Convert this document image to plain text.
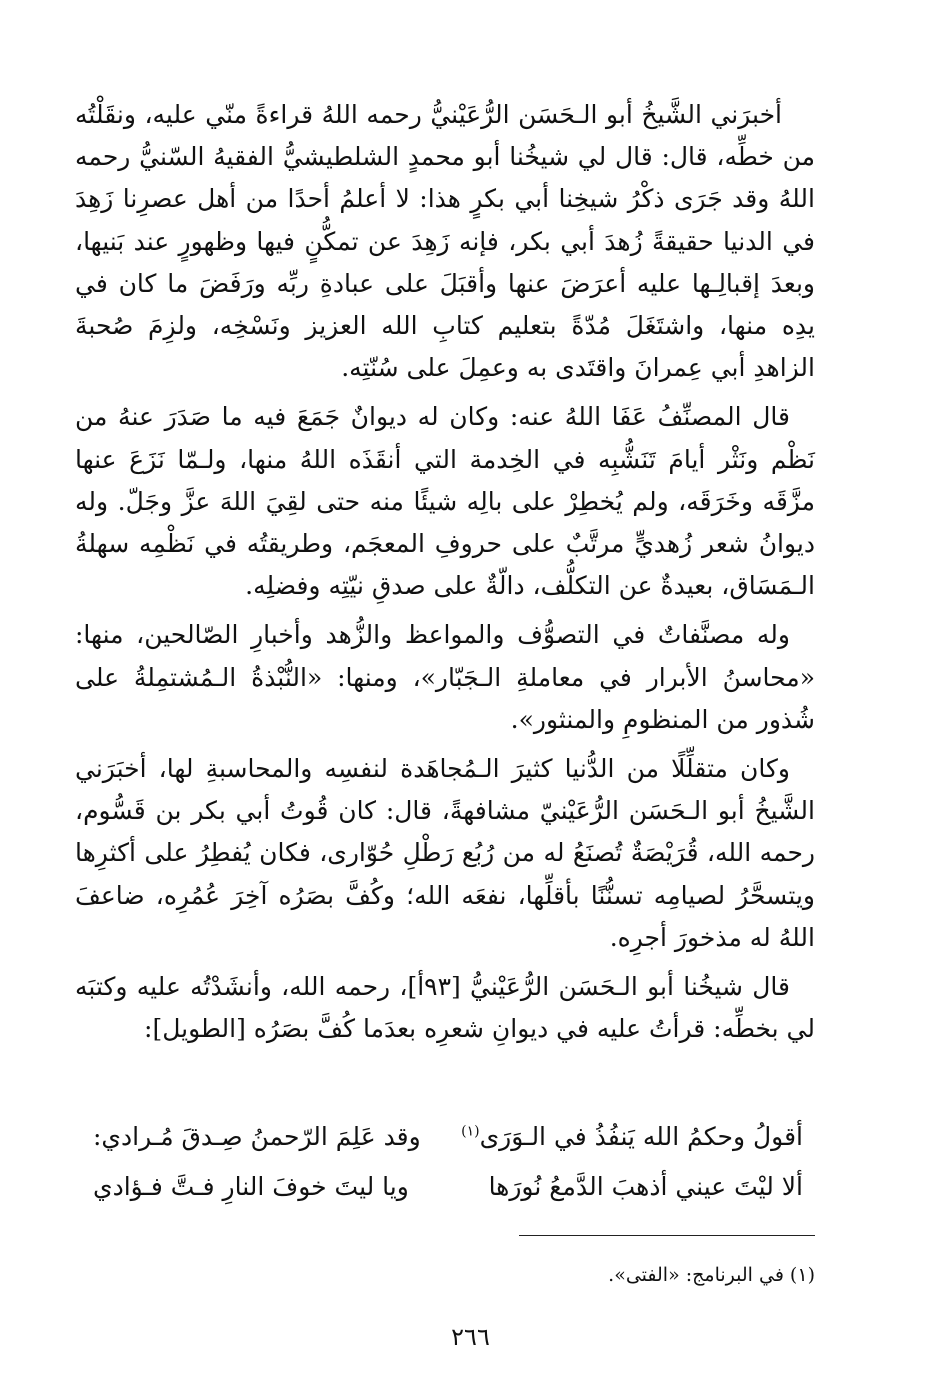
أخبرَني الشَّيخُ أبو الـحَسَن الرُّعَيْنيُّ رحمه اللهُ قراءةً منّي عليه، ونقَلْتُه من خطِّه، قال: قال لي شيخُنا أبو محمدٍ الشلطيشيُّ الفقيهُ السّنيُّ رحمه اللهُ وقد جَرَى ذكْرُ شيخِنا أبي بكرٍ هذا: لا أعلمُ أحدًا من أهل عصرِنا زَهِدَ في الدنيا حقيقةً زُهدَ أبي بكر، فإنه زَهِدَ عن تمكُّنٍ فيها وظهورٍ عند بَنيها، وبعدَ إقبالِـها عليه أعرَضَ عنها وأقبَلَ على عبادةِ ربِّه ورَفَضَ ما كان في يدِه منها، واشتَغَلَ مُدّةً بتعليم كتابِ الله العزيز ونَسْخِه، ولزِمَ صُحبةَ الزاهدِ أبي عِمرانَ واقتَدى به وعمِلَ على سُنّتِه.

قال المصنِّفُ عَفَا اللهُ عنه: وكان له ديوانٌ جَمَعَ فيه ما صَدَرَ عنهُ من نَظْم ونَثْر أيامَ تَنَشُّبِه في الخِدمة التي أنقَذَه اللهُ منها، ولـمّا نَزَعَ عنها مزَّقَه وخَرَقَه، ولم يُخطِرْ على بالِه شيئًا منه حتى لقِيَ اللهَ عزَّ وجَلّ. وله ديوانُ شعر زُهديٍّ مرتَّبٌ على حروفِ المعجَم، وطريقتُه في نَظْمِه سهلةُ الـمَسَاق، بعيدةٌ عن التكلُّف، دالّةٌ على صدقِ نيّتِه وفضلِه.

وله مصنَّفاتٌ في التصوُّف والمواعظ والزُّهد وأخبارِ الصّالحين، منها: «محاسنُ الأبرار في معاملةِ الـجَبّار»، ومنها: «النُّبْذةُ الـمُشتمِلةُ على شُذور من المنظومِ والمنثور».

وكان متقلِّلًا من الدُّنيا كثيرَ الـمُجاهَدة لنفسِه والمحاسبةِ لها، أخبَرَني الشَّيخُ أبو الـحَسَن الرُّعَيْنيّ مشافهةً، قال: كان قُوتُ أبي بكر بن قَسُّوم، رحمه الله، قُرَيْصَةٌ تُصنَعُ له من رُبُع رَطْلِ حُوّارى، فكان يُفطِرُ على أكثرِها ويتسحَّرُ لصيامِه تسنُّنًا بأقلِّها، نفعَه الله؛ وكُفَّ بصَرُه آخِرَ عُمُرِه، ضاعفَ اللهُ له مذخورَ أجرِه.

قال شيخُنا أبو الـحَسَن الرُّعَيْنيُّ [٩٣أ]، رحمه الله، وأنشَدْتُه عليه وكتبَه لي بخطِّه: قرأتُ عليه في ديوانِ شعرِه بعدَما كُفَّ بصَرُه [الطويل]:

أقولُ وحكمُ الله يَنفُذُ في الـوَرَى$^{(١)}$
وقد عَلِمَ الرّحمنُ صِـدقَ مُـرادي:
ألا ليْتَ عيني أذهبَ الدَّمعُ نُورَها
ويا ليتَ خوفَ النارِ فـتَّ فـؤادي
(١) في البرنامج: «الفتى».
٢٦٦
